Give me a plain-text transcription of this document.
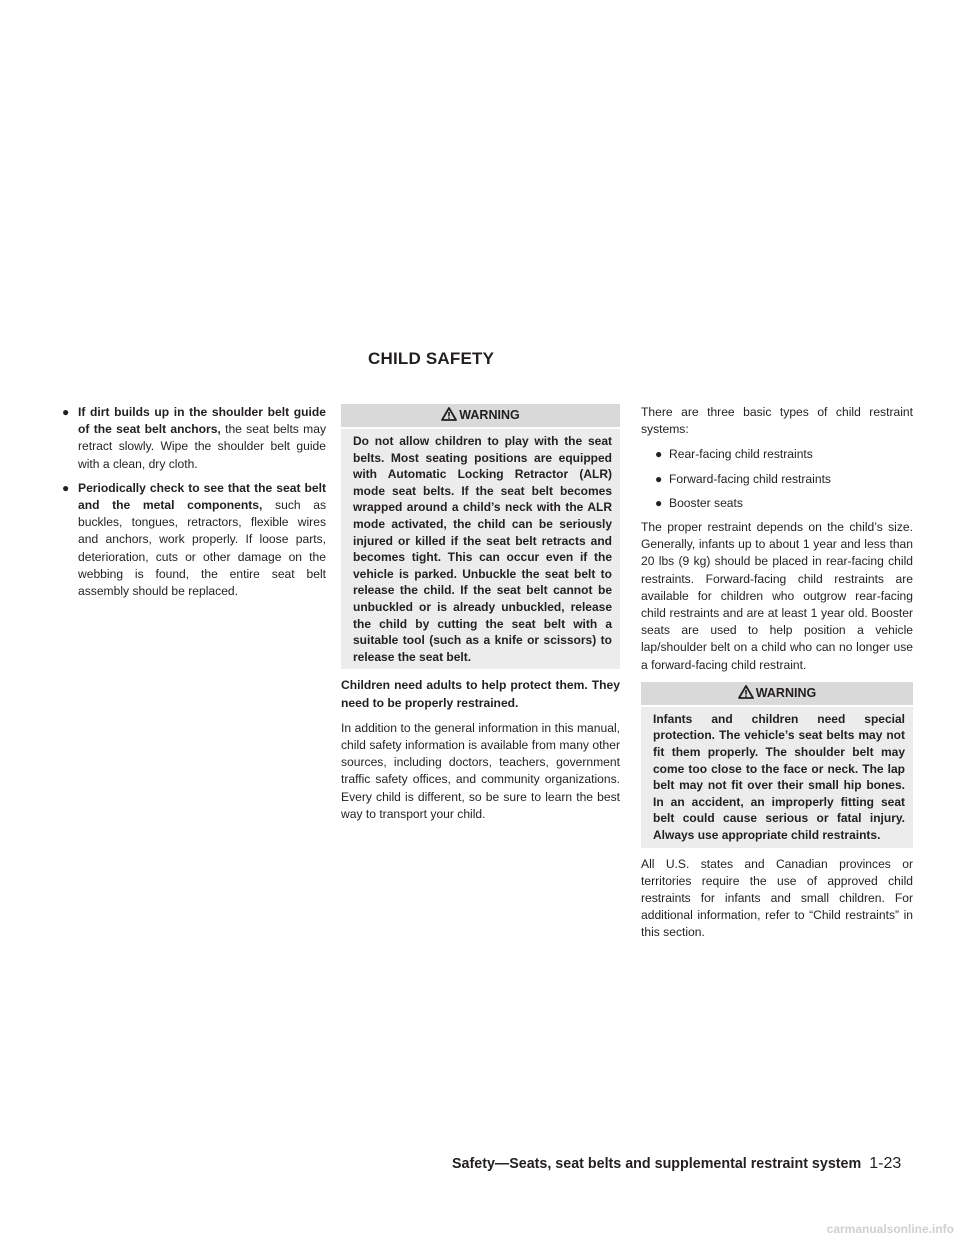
CHILD SAFETY
● If dirt builds up in the shoulder belt guide of the seat belt anchors, the seat belts may retract slowly. Wipe the shoulder belt guide with a clean, dry cloth.
● Periodically check to see that the seat belt and the metal components, such as buckles, tongues, retractors, flexible wires and anchors, work properly. If loose parts, deterioration, cuts or other damage on the webbing is found, the entire seat belt assembly should be replaced.
WARNING
Do not allow children to play with the seat belts. Most seating positions are equipped with Automatic Locking Retractor (ALR) mode seat belts. If the seat belt becomes wrapped around a child’s neck with the ALR mode activated, the child can be seriously injured or killed if the seat belt retracts and becomes tight. This can occur even if the vehicle is parked. Unbuckle the seat belt to release the child. If the seat belt cannot be unbuckled or is already unbuckled, release the child by cutting the seat belt with a suitable tool (such as a knife or scissors) to release the seat belt.

Children need adults to help protect them. They need to be properly restrained.

In addition to the general information in this manual, child safety information is available from many other sources, including doctors, teachers, government traffic safety offices, and community organizations. Every child is different, so be sure to learn the best way to transport your child.

There are three basic types of child restraint systems:

● Rear-facing child restraints
● Forward-facing child restraints
● Booster seats

The proper restraint depends on the child’s size. Generally, infants up to about 1 year and less than 20 lbs (9 kg) should be placed in rear-facing child restraints. Forward-facing child restraints are available for children who outgrow rear-facing child restraints and are at least 1 year old. Booster seats are used to help position a vehicle lap/shoulder belt on a child who can no longer use a forward-facing child restraint.

WARNING
Infants and children need special protection. The vehicle’s seat belts may not fit them properly. The shoulder belt may come too close to the face or neck. The lap belt may not fit over their small hip bones. In an accident, an improperly fitting seat belt could cause serious or fatal injury. Always use appropriate child restraints.

All U.S. states and Canadian provinces or territories require the use of approved child restraints for infants and small children. For additional information, refer to “Child restraints” in this section.

Safety—Seats, seat belts and supplemental restraint system 1-23
carmanualsonline.info
